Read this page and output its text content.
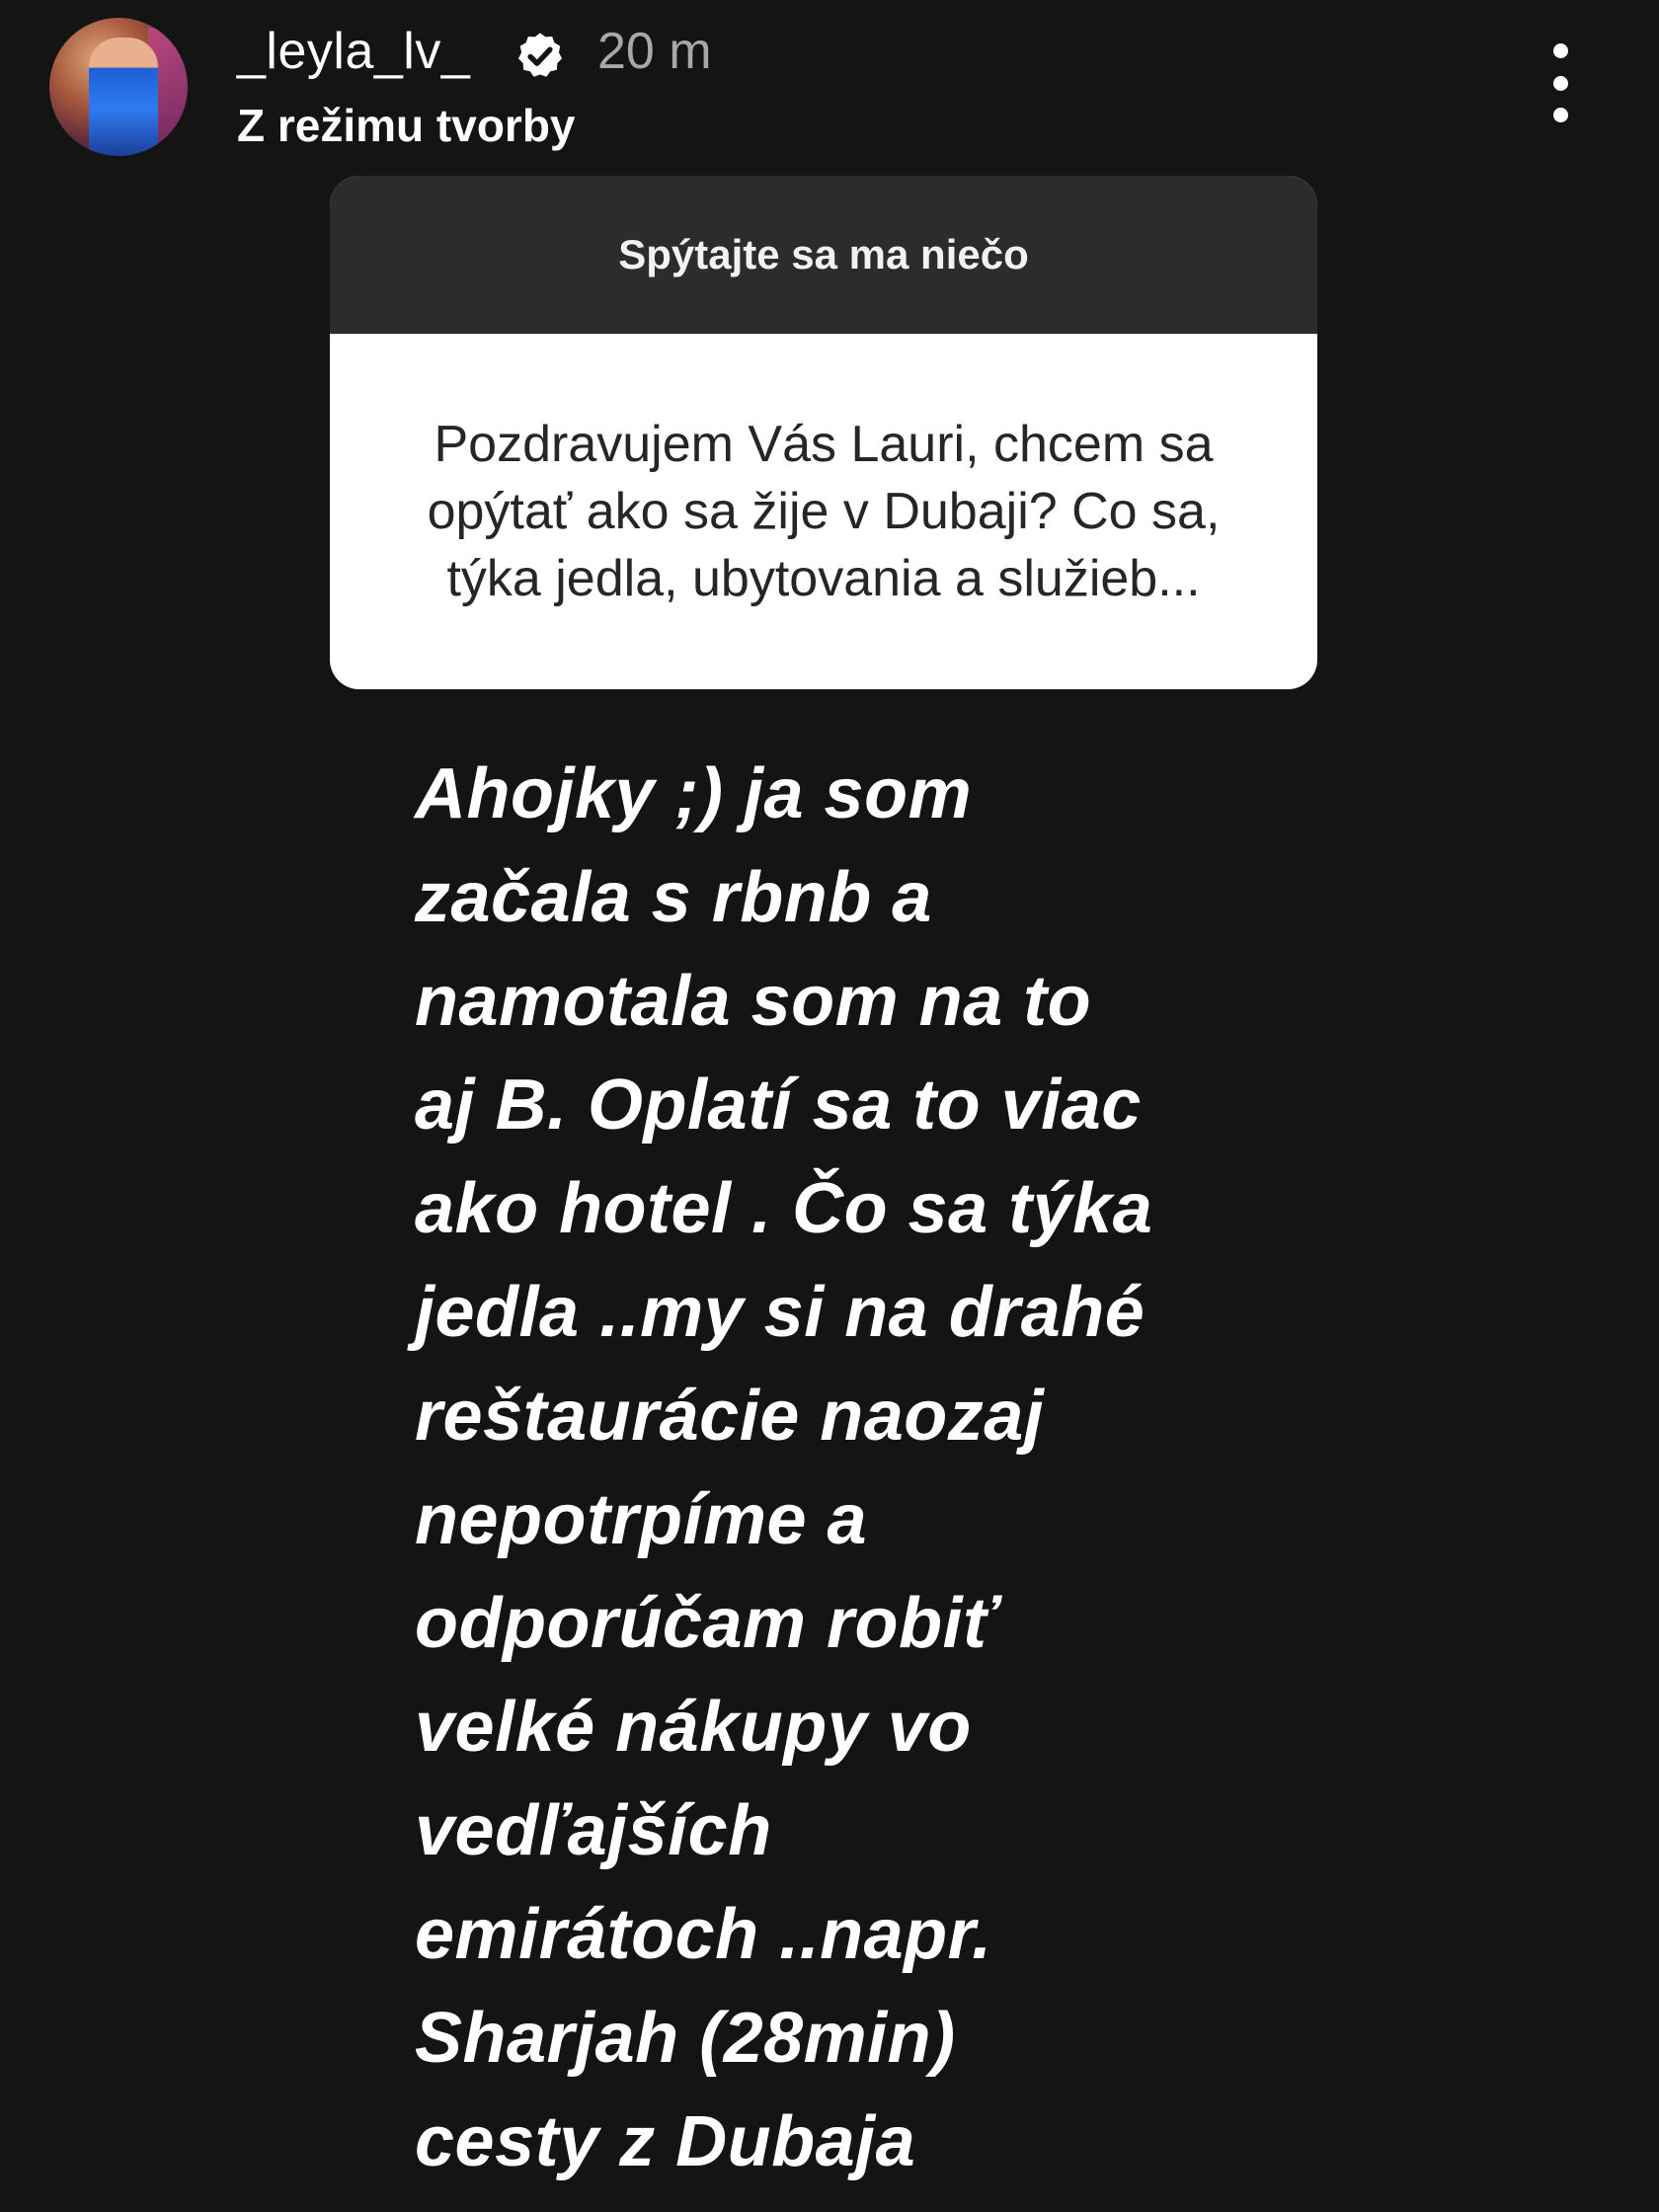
_leyla_lv_ 20 m
Z režimu tvorby
Spýtajte sa ma niečo
Pozdravujem Vás Lauri, chcem sa
opýtať ako sa žije v Dubaji? Co sa,
týka jedla, ubytovania a služieb...
Ahojky ;) ja som
začala s rbnb a
namotala som na to
aj B. Oplatí sa to viac
ako hotel . Čo sa týka
jedla ..my si na drahé
reštaurácie naozaj
nepotrpíme a
odporúčam robiť
velké nákupy vo
vedľajších
emirátoch ..napr.
Sharjah (28min)
cesty z Dubaja
